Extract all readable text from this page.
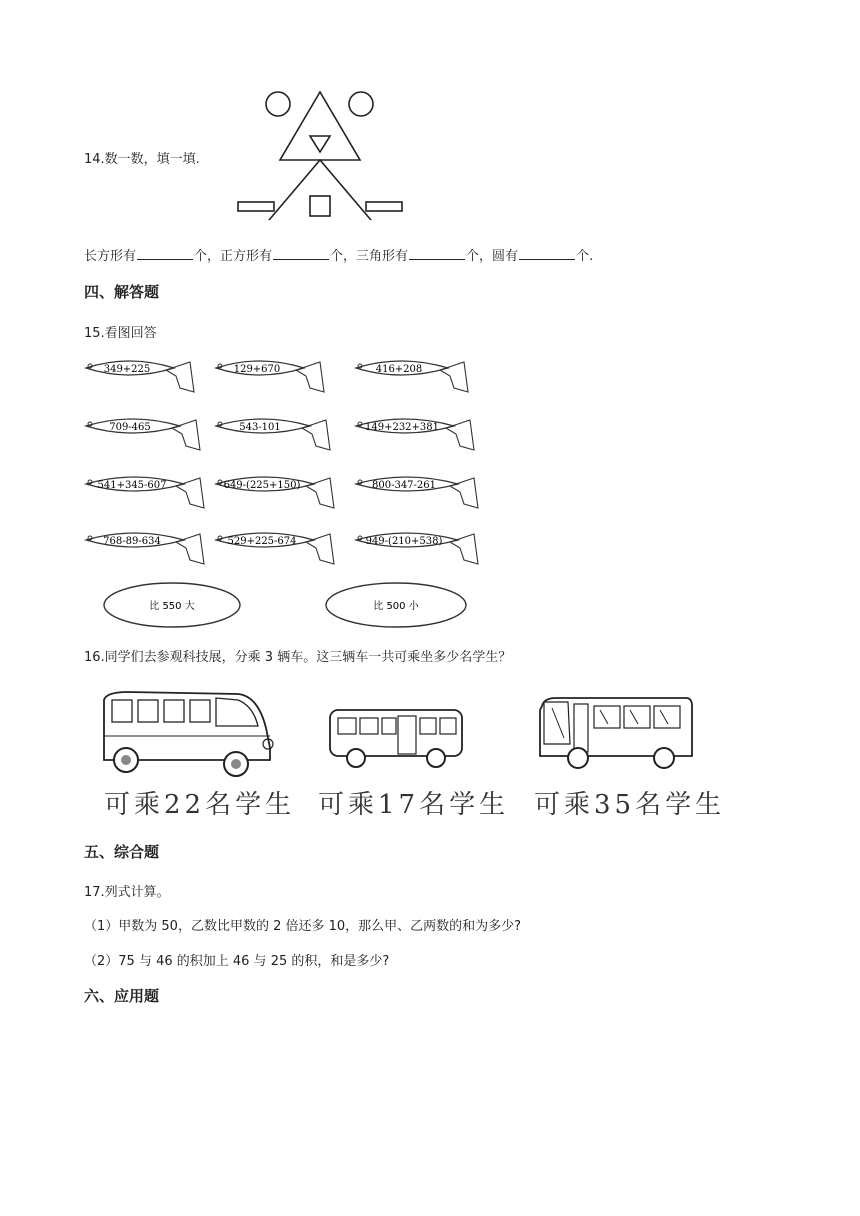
14.数一数，填一填.
长方形有	个，正方形有	个，三角形有	个，圆有	个.
四、解答题
15.看图回答
349+225	129+670	416+208
709-465	543-101	149+232+381
541+345-607	649-(225+150)	800-347-261
768-89-634	529+225-674	949-(210+538)
比 550 大	比 500 小
16.同学们去参观科技展，分乘 3 辆车。这三辆车一共可乘坐多少名学生？
可乘22名学生 可乘17名学生 可乘35名学生
五、综合题
17.列式计算。
（1）甲数为 50，乙数比甲数的 2 倍还多 10，那么甲、乙两数的和为多少?
（2）75 与 46 的积加上 46 与 25 的积，和是多少?
六、应用题
